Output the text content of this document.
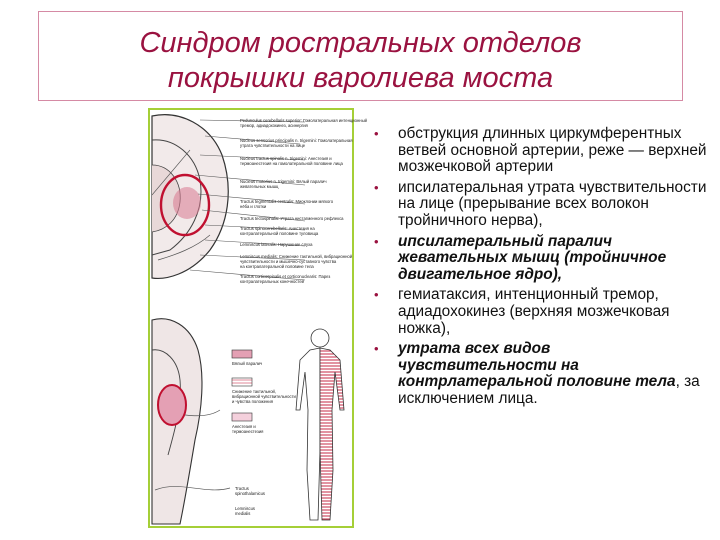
Синдром ростральных отделов
покрышки варолиева моста
Pedunculus cerebellaris superior: Гомолатеральная интенционный
тремор, адиадохокинез, асинергия
Nucleus sensorius principalis n. trigemini: Гомолатеральная
утрата чувствительности на лице
Nucleus tractus spinalis n. trigemini: Анестезия и
термоанестезия на гомолатеральной половине лица
Nucleus motorius n. trigemini: Вялый паралич
жевательных мышц
Tractus tegmentalis centralis: Миоклонии мягкого
нёба и глотки
Tractus tectospinalis: Утрата нистагменного рефлекса
Tractus spinocerebellaris: Анестезия на
контралатеральной половине туловища
Lemniscus lateralis: Нарушение слуха
Lemniscus medialis: Снижение тактильной, вибрационной
чувствительности и мышечно-суставного чувства
на контралатеральной половине тела
Tractus corticospinalis et corticonuclearis: Парез
контралатеральных конечностей
Вялый паралич
Снижение тактильной,
вибрационной чувствительности
и чувства положения
Анестезия и
термоанестезия
Tractus
spinothalamicus
Lemniscus
medialis
• обструкция длинных циркумферентных ветвей основной артерии, реже — верхней мозжечковой артерии
• ипсилатеральная утрата чувствительности на лице (прерывание всех волокон тройничного нерва),
• ипсилатеральный паралич жевательных мышц (тройничное двигательное ядро),
• гемиатаксия, интенционный тремор, адиадохокинез (верхняя мозжечковая ножка),
• утрата всех видов чувствительности на контрлатеральной половине тела, за исключением лица.
